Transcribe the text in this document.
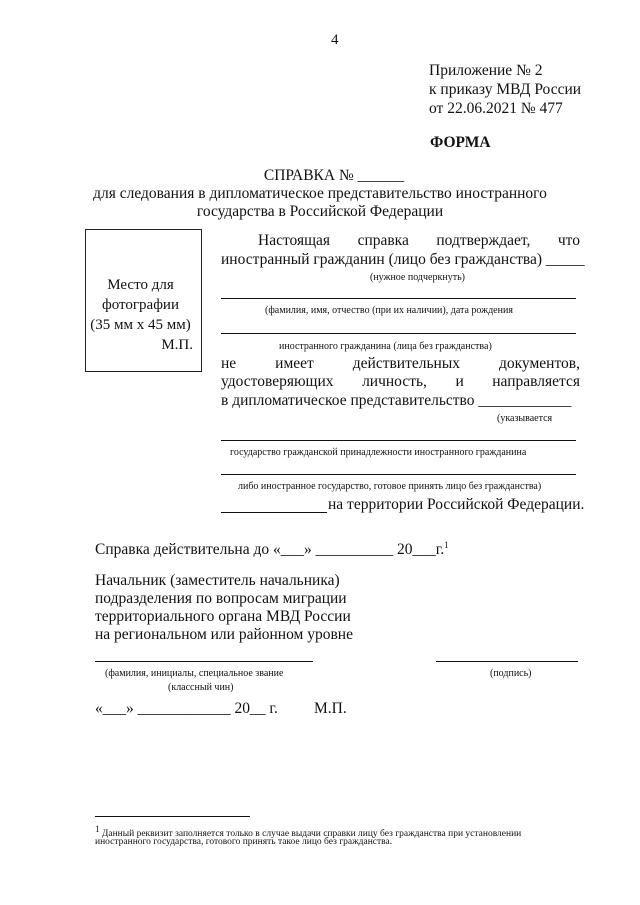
4
Приложение № 2
к приказу МВД России
от 22.06.2021 № 477
ФОРМА
СПРАВКА № ______
для следования в дипломатическое представительство иностранного
государства в Российской Федерации
Место для
фотографии
(35 мм х 45 мм)
М.П.
Настоящая справка подтверждает, что
иностранный гражданин (лицо без гражданства) _____
(нужное подчеркнуть)
(фамилия, имя, отчество (при их наличии), дата рождения
иностранного гражданина (лица без гражданства)
не	имеет	действительных	документов,
удостоверяющих личность, и направляется
в дипломатическое представительство ____________
(указывается
государство гражданской принадлежности иностранного гражданина
либо иностранное государство, готовое принять лицо без гражданства)
на территории Российской Федерации.
Справка действительна до «___» __________ 20___г.$^1$
Начальник (заместитель начальника)
подразделения по вопросам миграции
территориального органа МВД России
на региональном или районном уровне
(фамилия, инициалы, специальное звание
(классный чин)
(подпись)
«___» ____________ 20__ г. М.П.
$^1$ Данный реквизит заполняется только в случае выдачи справки лицу без гражданства при установлении
иностранного государства, готового принять такое лицо без гражданства.
